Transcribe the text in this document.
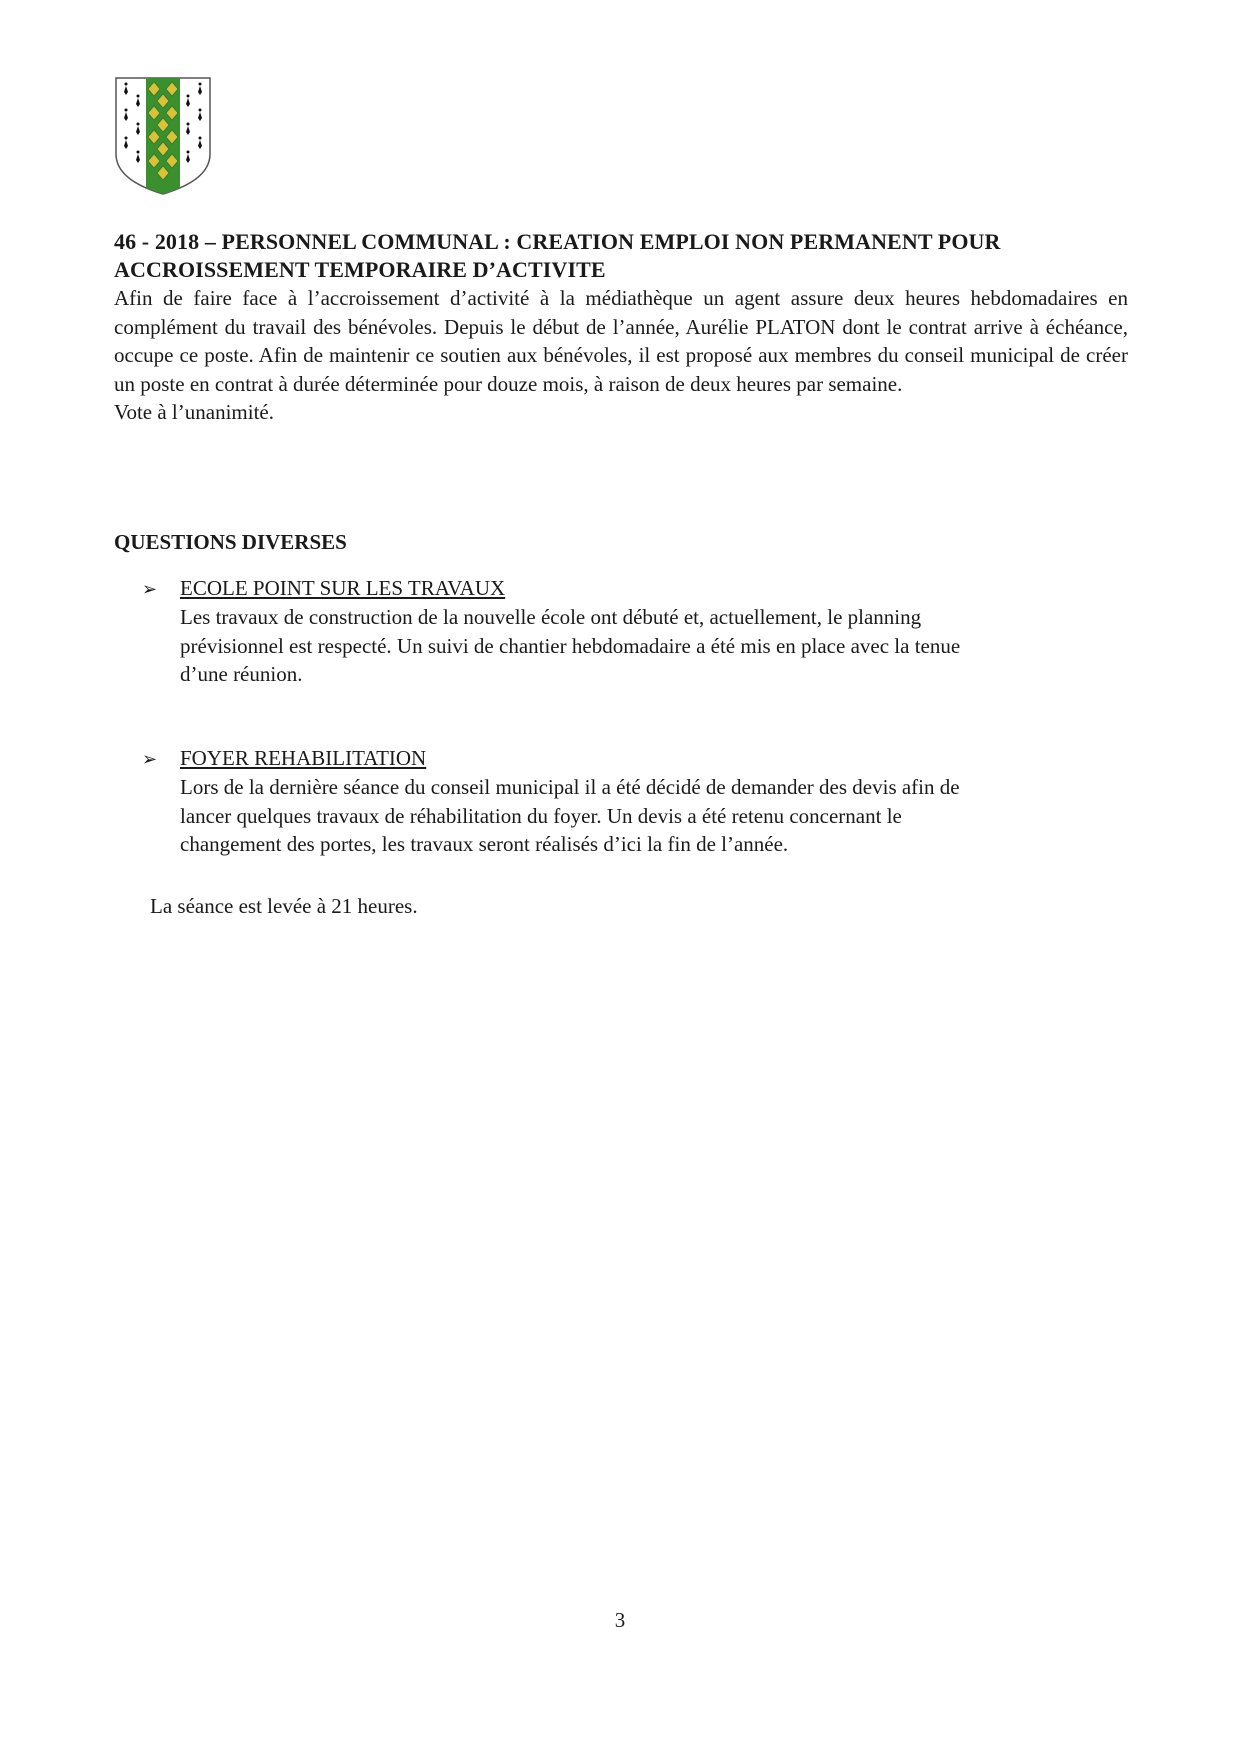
46 - 2018 – PERSONNEL COMMUNAL : CREATION EMPLOI NON PERMANENT POUR

ACCROISSEMENT TEMPORAIRE D’ACTIVITE

Afin de faire face à l’accroissement d’activité à la médiathèque un agent assure deux heures hebdomadaires en complément du travail des bénévoles. Depuis le début de l’année, Aurélie PLATON dont le contrat arrive à échéance, occupe ce poste. Afin de maintenir ce soutien aux bénévoles, il est proposé aux membres du conseil municipal de créer un poste en contrat à durée déterminée pour douze mois, à raison de deux heures par semaine.

Vote à l’unanimité.

QUESTIONS DIVERSES

➢	ECOLE POINT SUR LES TRAVAUX
Les travaux de construction de la nouvelle école ont débuté et, actuellement, le planning
prévisionnel est respecté. Un suivi de chantier hebdomadaire a été mis en place avec la tenue
d’une réunion.
➢	FOYER REHABILITATION
Lors de la dernière séance du conseil municipal il a été décidé de demander des devis afin de
lancer quelques travaux de réhabilitation du foyer. Un devis a été retenu concernant le
changement des portes, les travaux seront réalisés d’ici la fin de l’année.

La séance est levée à 21 heures.

3
